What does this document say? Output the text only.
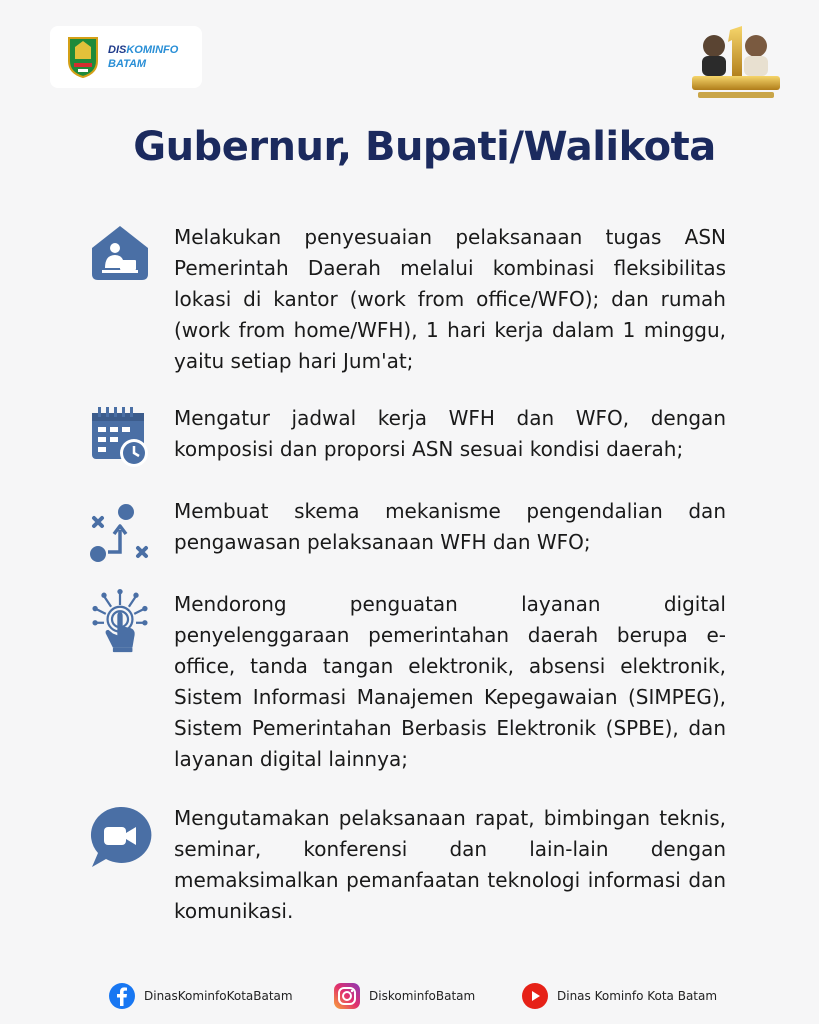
DISKOMINFO
BATAM
Gubernur, Bupati/Walikota
Melakukan penyesuaian pelaksanaan tugas ASN Pemerintah Daerah melalui kombinasi fleksibilitas lokasi di kantor (work from office/WFO); dan rumah (work from home/WFH), 1 hari kerja dalam 1 minggu, yaitu setiap hari Jum'at;
Mengatur jadwal kerja WFH dan WFO, dengan komposisi dan proporsi ASN sesuai kondisi daerah;
Membuat skema mekanisme pengendalian dan pengawasan pelaksanaan WFH dan WFO;
Mendorong penguatan layanan digital penyelenggaraan pemerintahan daerah berupa e-office, tanda tangan elektronik, absensi elektronik, Sistem Informasi Manajemen Kepegawaian (SIMPEG), Sistem Pemerintahan Berbasis Elektronik (SPBE), dan layanan digital lainnya;
Mengutamakan pelaksanaan rapat, bimbingan teknis, seminar, konferensi dan lain-lain dengan memaksimalkan pemanfaatan teknologi informasi dan komunikasi.
DinasKominfoKotaBatam	DiskominfoBatam	Dinas Kominfo Kota Batam
